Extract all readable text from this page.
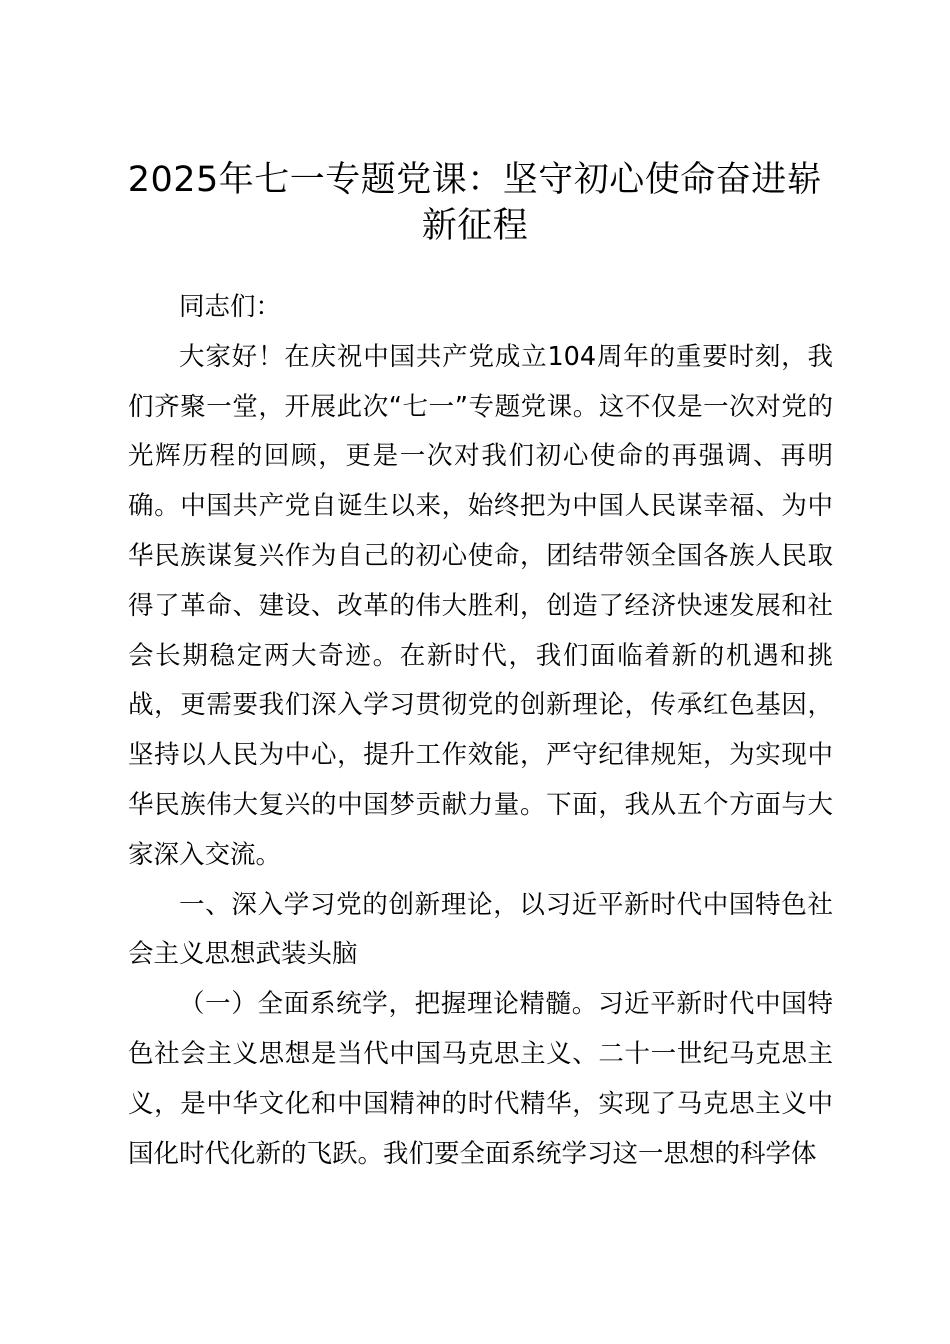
2025年七一专题党课：坚守初心使命奋进崭
新征程

同志们：

大家好！在庆祝中国共产党成立104周年的重要时刻，我们齐聚一堂，开展此次“七一”专题党课。这不仅是一次对党的光辉历程的回顾，更是一次对我们初心使命的再强调、再明确。中国共产党自诞生以来，始终把为中国人民谋幸福、为中华民族谋复兴作为自己的初心使命，团结带领全国各族人民取得了革命、建设、改革的伟大胜利，创造了经济快速发展和社会长期稳定两大奇迹。在新时代，我们面临着新的机遇和挑战，更需要我们深入学习贯彻党的创新理论，传承红色基因，坚持以人民为中心，提升工作效能，严守纪律规矩，为实现中华民族伟大复兴的中国梦贡献力量。下面，我从五个方面与大家深入交流。

一、深入学习党的创新理论，以习近平新时代中国特色社会主义思想武装头脑

（一）全面系统学，把握理论精髓。习近平新时代中国特色社会主义思想是当代中国马克思主义、二十一世纪马克思主义，是中华文化和中国精神的时代精华，实现了马克思主义中国化时代化新的飞跃。我们要全面系统学习这一思想的科学体
